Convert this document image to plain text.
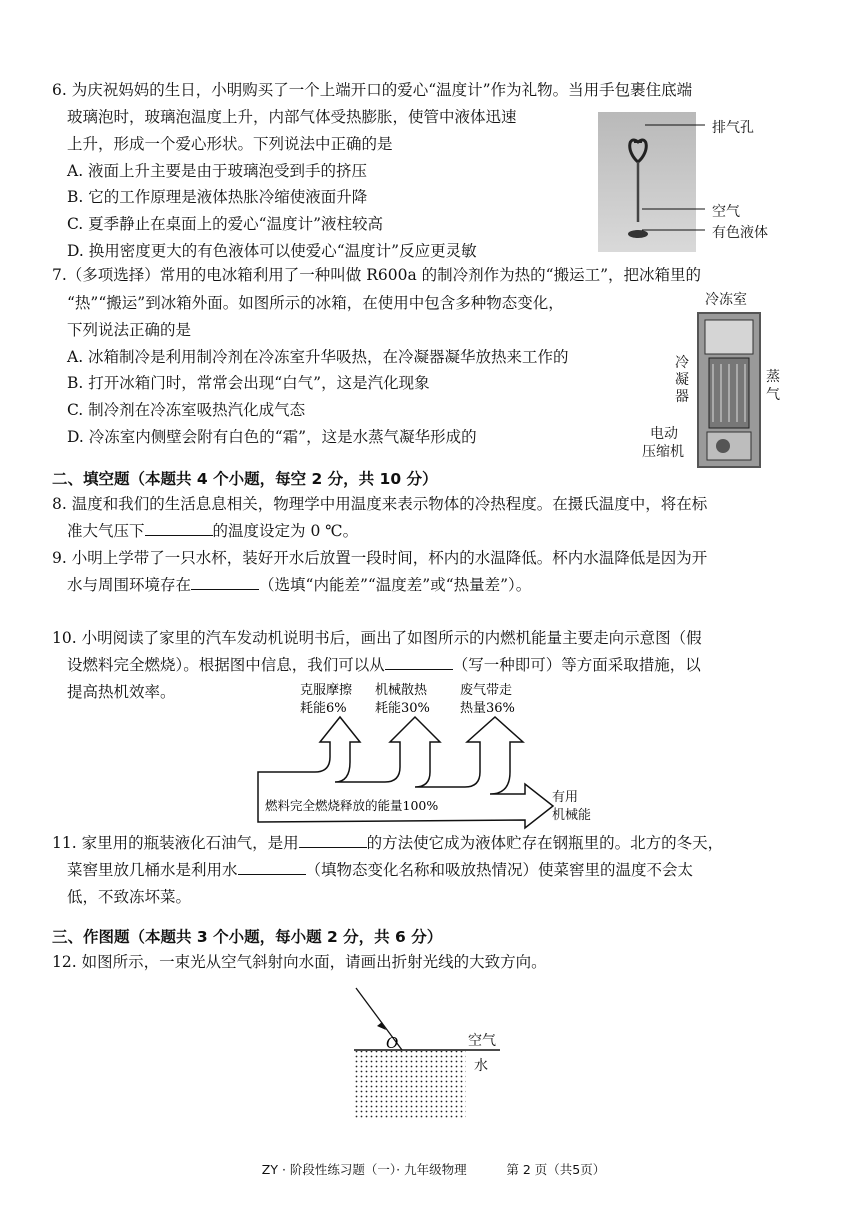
6. 为庆祝妈妈的生日，小明购买了一个上端开口的爱心“温度计”作为礼物。当用手包裹住底端
玻璃泡时，玻璃泡温度上升，内部气体受热膨胀，使管中液体迅速
上升，形成一个爱心形状。下列说法中正确的是
A. 液面上升主要是由于玻璃泡受到手的挤压
B. 它的工作原理是液体热胀冷缩使液面升降
C. 夏季静止在桌面上的爱心“温度计”液柱较高
D. 换用密度更大的有色液体可以使爱心“温度计”反应更灵敏
排气孔
空气
有色液体
7.（多项选择）常用的电冰箱利用了一种叫做 R600a 的制冷剂作为热的“搬运工”，把冰箱里的
“热”“搬运”到冰箱外面。如图所示的冰箱，在使用中包含多种物态变化，
下列说法正确的是
A. 冰箱制冷是利用制冷剂在冷冻室升华吸热，在冷凝器凝华放热来工作的
B. 打开冰箱门时，常常会出现“白气”，这是汽化现象
C. 制冷剂在冷冻室吸热汽化成气态
D. 冷冻室内侧壁会附有白色的“霜”，这是水蒸气凝华形成的
冷冻室
冷
凝
器
蒸
气
电动
压缩机
二、填空题（本题共 4 个小题，每空 2 分，共 10 分）
8. 温度和我们的生活息息相关，物理学中用温度来表示物体的冷热程度。在摄氏温度中，将在标
准大气压下	的温度设定为 0 ℃。
9. 小明上学带了一只水杯，装好开水后放置一段时间，杯内的水温降低。杯内水温降低是因为开
水与周围环境存在	（选填“内能差”“温度差”或“热量差”）。
10. 小明阅读了家里的汽车发动机说明书后，画出了如图所示的内燃机能量主要走向示意图（假
设燃料完全燃烧）。根据图中信息，我们可以从	（写一种即可）等方面采取措施，以
提高热机效率。	克服摩擦
耗能6%
机械散热
耗能30%
废气带走
热量36%
燃料完全燃烧释放的能量100%
有用
机械能
11. 家里用的瓶装液化石油气，是用	的方法使它成为液体贮存在钢瓶里的。北方的冬天，
菜窖里放几桶水是利用水	（填物态变化名称和吸放热情况）使菜窖里的温度不会太
低，不致冻坏菜。
三、作图题（本题共 3 个小题，每小题 2 分，共 6 分）
12. 如图所示，一束光从空气斜射向水面，请画出折射光线的大致方向。
O	空气
水
ZY · 阶段性练习题（一）· 九年级物理          第 2 页（共5页）
